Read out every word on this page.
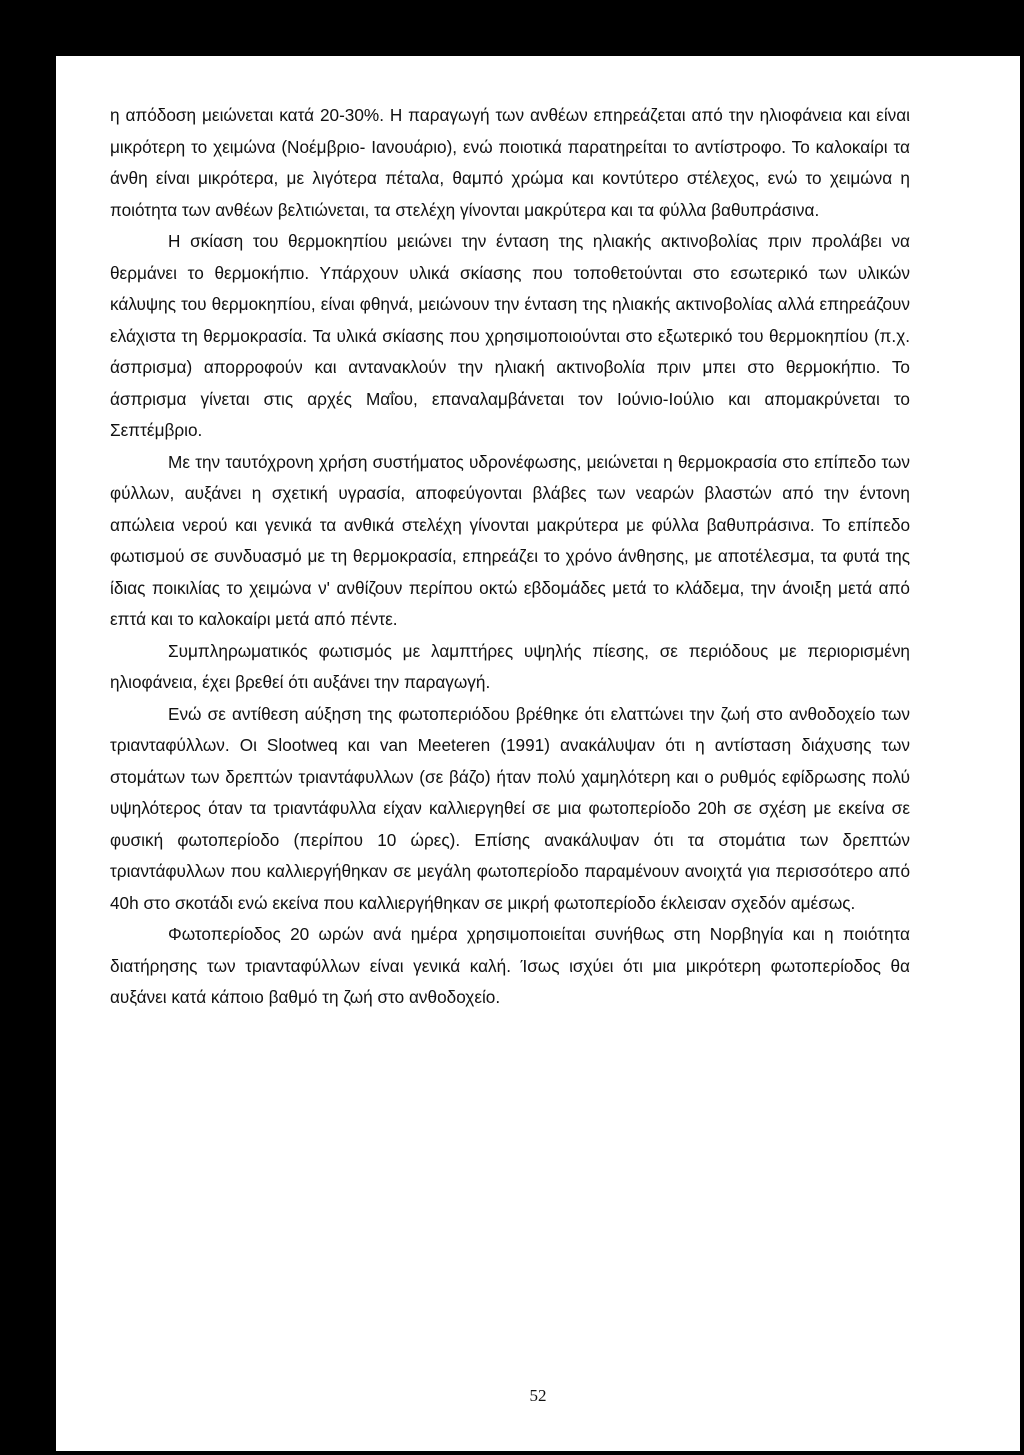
η απόδοση μειώνεται κατά 20-30%. Η παραγωγή των ανθέων επηρεάζεται από την ηλιοφάνεια και είναι μικρότερη το χειμώνα (Νοέμβριο- Ιανουάριο), ενώ ποιοτικά παρατηρείται το αντίστροφο. Το καλοκαίρι τα άνθη είναι μικρότερα, με λιγότερα πέταλα, θαμπό χρώμα και κοντύτερο στέλεχος, ενώ το χειμώνα η ποιότητα των ανθέων βελτιώνεται, τα στελέχη γίνονται μακρύτερα και τα φύλλα βαθυπράσινα.

Η σκίαση του θερμοκηπίου μειώνει την ένταση της ηλιακής ακτινοβολίας πριν προλάβει να θερμάνει το θερμοκήπιο. Υπάρχουν υλικά σκίασης που τοποθετούνται στο εσωτερικό των υλικών κάλυψης του θερμοκηπίου, είναι φθηνά, μειώνουν την ένταση της ηλιακής ακτινοβολίας αλλά επηρεάζουν ελάχιστα τη θερμοκρασία. Τα υλικά σκίασης που χρησιμοποιούνται στο εξωτερικό του θερμοκηπίου (π.χ. άσπρισμα) απορροφούν και αντανακλούν την ηλιακή ακτινοβολία πριν μπει στο θερμοκήπιο. Το άσπρισμα γίνεται στις αρχές Μαΐου, επαναλαμβάνεται τον Ιούνιο-Ιούλιο και απομακρύνεται το Σεπτέμβριο.

Με την ταυτόχρονη χρήση συστήματος υδρονέφωσης, μειώνεται η θερμοκρασία στο επίπεδο των φύλλων, αυξάνει η σχετική υγρασία, αποφεύγονται βλάβες των νεαρών βλαστών από την έντονη απώλεια νερού και γενικά τα ανθικά στελέχη γίνονται μακρύτερα με φύλλα βαθυπράσινα. Το επίπεδο φωτισμού σε συνδυασμό με τη θερμοκρασία, επηρεάζει το χρόνο άνθησης, με αποτέλεσμα, τα φυτά της ίδιας ποικιλίας το χειμώνα ν' ανθίζουν περίπου οκτώ εβδομάδες μετά το κλάδεμα, την άνοιξη μετά από επτά και το καλοκαίρι μετά από πέντε.

Συμπληρωματικός φωτισμός με λαμπτήρες υψηλής πίεσης, σε περιόδους με περιορισμένη ηλιοφάνεια, έχει βρεθεί ότι αυξάνει την παραγωγή.

Ενώ σε αντίθεση αύξηση της φωτοπεριόδου βρέθηκε ότι ελαττώνει την ζωή στο ανθοδοχείο των τριανταφύλλων. Οι Slootweq και van Meeteren (1991) ανακάλυψαν ότι η αντίσταση διάχυσης των στομάτων των δρεπτών τριαντάφυλλων (σε βάζο) ήταν πολύ χαμηλότερη και ο ρυθμός εφίδρωσης πολύ υψηλότερος όταν τα τριαντάφυλλα είχαν καλλιεργηθεί σε μια φωτοπερίοδο 20h σε σχέση με εκείνα σε φυσική φωτοπερίοδο (περίπου 10 ώρες). Επίσης ανακάλυψαν ότι τα στομάτια των δρεπτών τριαντάφυλλων που καλλιεργήθηκαν σε μεγάλη φωτοπερίοδο παραμένουν ανοιχτά για περισσότερο από 40h στο σκοτάδι ενώ εκείνα που καλλιεργήθηκαν σε μικρή φωτοπερίοδο έκλεισαν σχεδόν αμέσως.

Φωτοπερίοδος 20 ωρών ανά ημέρα χρησιμοποιείται συνήθως στη Νορβηγία και η ποιότητα διατήρησης των τριανταφύλλων είναι γενικά καλή. Ίσως ισχύει ότι μια μικρότερη φωτοπερίοδος θα αυξάνει κατά κάποιο βαθμό τη ζωή στο ανθοδοχείο.

52
